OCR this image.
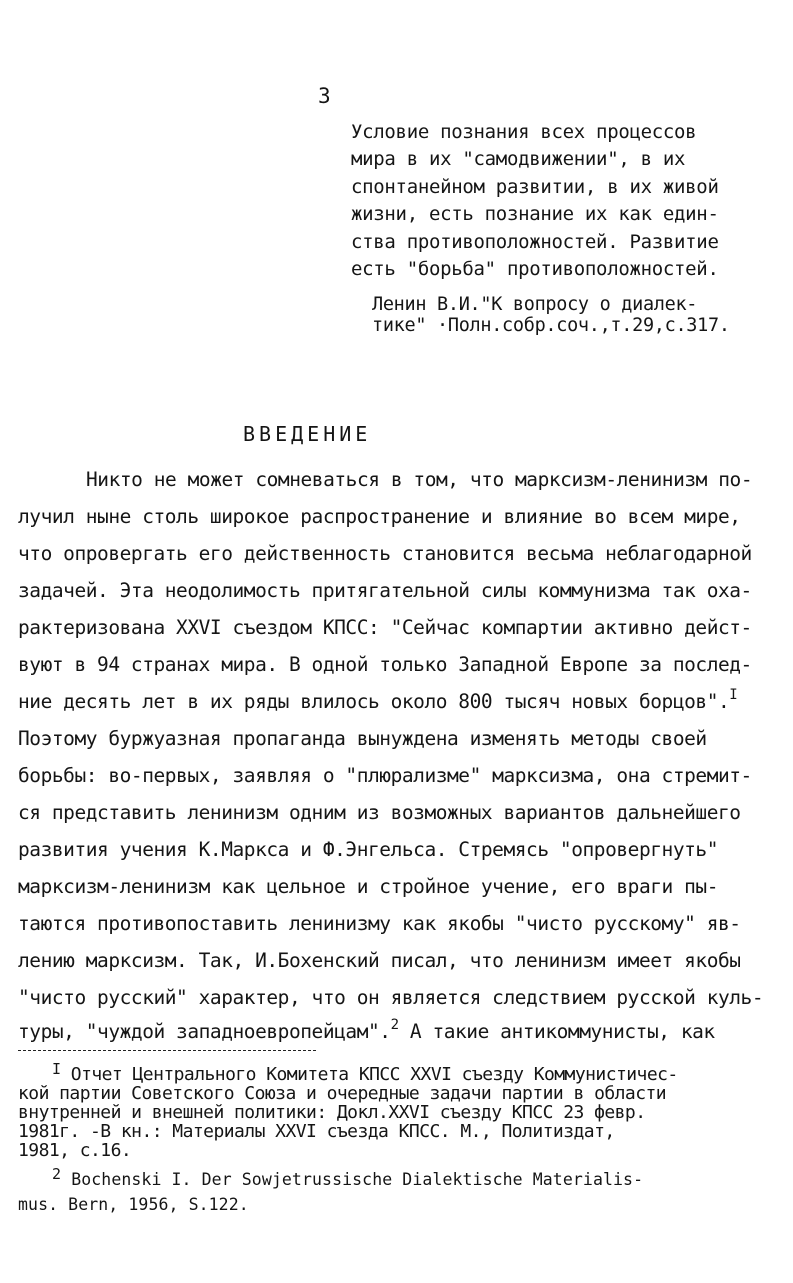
3
Условие познания всех процессов
мира в их "самодвижении", в их
спонтанейном развитии, в их живой
жизни, есть познание их как един-
ства противоположностей. Развитие
есть "борьба" противоположностей.
Ленин В.И."К вопросу о диалек-
тике" ·Полн.собр.соч.,т.29,с.317.
ВВЕДЕНИЕ
Никто не может сомневаться в том, что марксизм-ленинизм по-
лучил ныне столь широкое распространение и влияние во всем мире,
что опровергать его действенность становится весьма неблагодарной
задачей. Эта неодолимость притягательной силы коммунизма так оха-
рактеризована XXVI съездом КПСС: "Сейчас компартии активно дейст-
вуют в 94 странах мира. В одной только Западной Европе за послед-
ние десять лет в их ряды влилось около 800 тысяч новых борцов".$^I$
Поэтому буржуазная пропаганда вынуждена изменять методы своей
борьбы: во-первых, заявляя о "плюрализме" марксизма, она стремит-
ся представить ленинизм одним из возможных вариантов дальнейшего
развития учения К.Маркса и Ф.Энгельса. Стремясь "опровергнуть"
марксизм-ленинизм как цельное и стройное учение, его враги пы-
таются противопоставить ленинизму как якобы "чисто русскому" яв-
лению марксизм. Так, И.Бохенский писал, что ленинизм имеет якобы
"чисто русский" характер, что он является следствием русской куль-
туры, "чуждой западноевропейцам".$^2$ А такие антикоммунисты, как
$^I$ Отчет Центрального Комитета КПСС XXVI съезду Коммунистичес-
кой партии Советского Союза и очередные задачи партии в области
внутренней и внешней политики: Докл.XXVI съезду КПСС 23 февр.
1981г. -В кн.: Материалы XXVI съезда КПСС. М., Политиздат,
1981, с.16.
2 Bochenski I. Der Sowjetrussische Dialektische Materialis-
mus. Bern, 1956, S.122.
